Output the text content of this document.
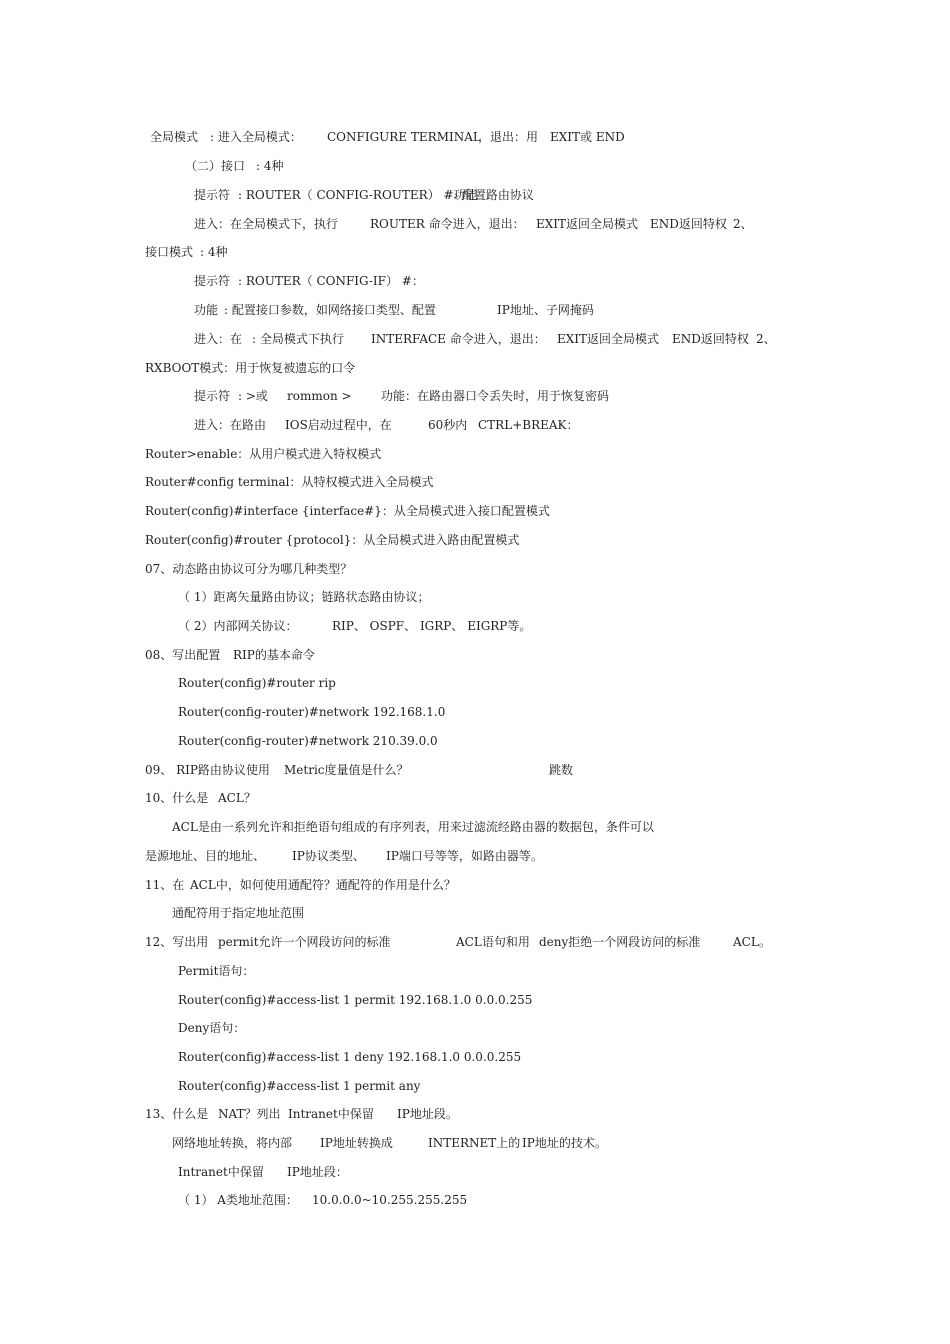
全局模式 : 进入全局模式： CONFIGURE TERMINAL
，退出：用 EXIT或 END
（二）接口 : 4种
提示符 : ROUTER（ CONFIG-ROUTER） #功能
: 配置路由协议
进入：在全局模式下，执行	ROUTER 命令进入，退出： EXIT返回全局模式 END返回特权 2、
接口模式 : 4种
提示符 : ROUTER（ CONFIG-IF） #：
功能 : 配置接口参数，如网络接口类型、配置	IP地址、子网掩码
进入：在 : 全局模式下执行 INTERFACE 命令进入，退出： EXIT返回全局模式 END返回特权 2、
RXBOOT模式：用于恢复被遗忘的口令
提示符 : >或 rommon > 功能：在路由器口令丢失时，用于恢复密码
进入：在路由 IOS启动过程中，在	60秒内 CTRL+BREAK：
Router>enable：从用户模式进入特权模式
Router#config terminal：从特权模式进入全局模式
Router(config)#interface {interface#}：从全局模式进入接口配置模式
Router(config)#router {protocol}：从全局模式进入路由配置模式
07、动态路由协议可分为哪几种类型？
（ 1）距离矢量路由协议；链路状态路由协议；
（ 2）内部网关协议：	RIP、 OSPF、 IGRP、 EIGRP等。
08、写出配置 RIP的基本命令
Router(config)#router rip
Router(config-router)#network 192.168.1.0
Router(config-router)#network 210.39.0.0
09、 RIP路由协议使用 Metric度量值是什么？	跳数
10、什么是 ACL？
ACL是由一系列允许和拒绝语句组成的有序列表，用来过滤流经路由器的数据包，条件可以
是源地址、目的地址、 IP协议类型、 IP端口号等等，如路由器等。
11、在 ACL中，如何使用通配符？通配符的作用是什么？
通配符用于指定地址范围
12、写出用 permit允许一个网段访问的标准	ACL语句和用 deny拒绝一个网段访问的标准	ACL。
Permit语句：
Router(config)#access-list 1 permit 192.168.1.0 0.0.0.255
Deny语句：
Router(config)#access-list 1 deny 192.168.1.0 0.0.0.255
Router(config)#access-list 1 permit any
13、什么是 NAT？列出 Intranet中保留 IP地址段。
网络地址转换，将内部 IP地址转换成	INTERNET上的 IP地址的技术。
Intranet中保留 IP地址段：
（ 1） A类地址范围： 10.0.0.0~10.255.255.255
